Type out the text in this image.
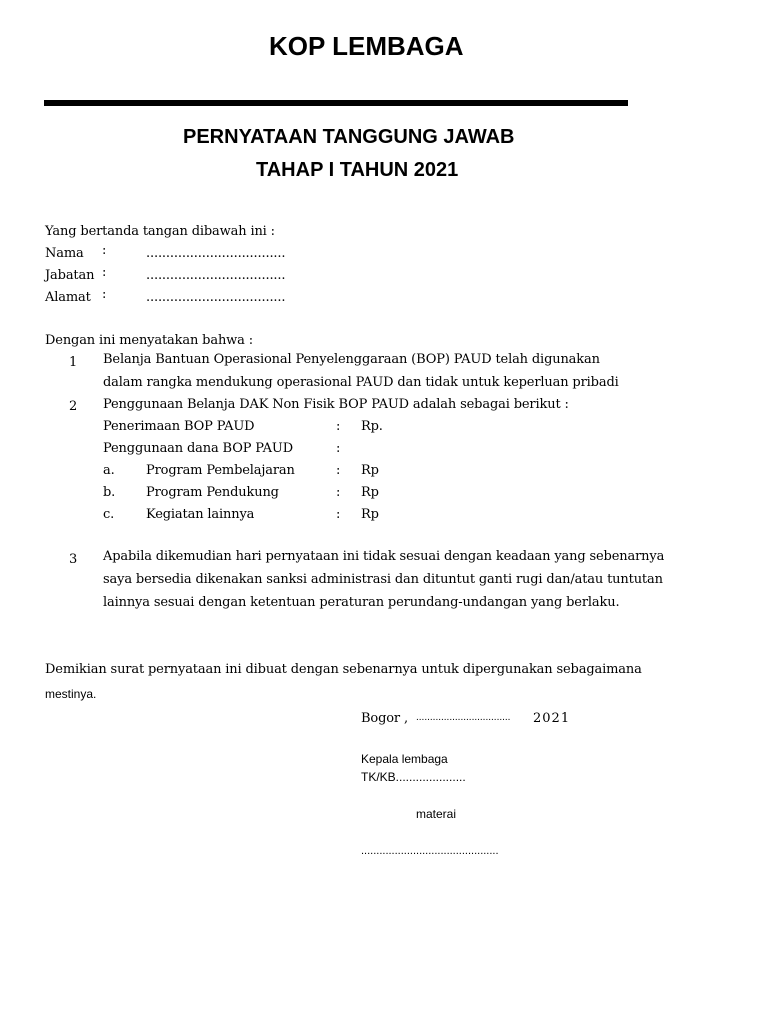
KOP LEMBAGA
PERNYATAAN TANGGUNG JAWAB
TAHAP I TAHUN 2021
Yang bertanda tangan dibawah ini :
Nama :	...................................
Jabatan :	...................................
Alamat :	...................................
Dengan ini menyatakan bahwa :
1 Belanja Bantuan Operasional Penyelenggaraan (BOP) PAUD telah digunakan
dalam rangka mendukung operasional PAUD dan tidak untuk keperluan pribadi
2 Penggunaan Belanja DAK Non Fisik BOP PAUD adalah sebagai berikut :
Penerimaan BOP PAUD	: Rp.
Penggunaan dana BOP PAUD	:
a. Program Pembelajaran	: Rp
b. Program Pendukung	: Rp
c. Kegiatan lainnya	: Rp
3 Apabila dikemudian hari pernyataan ini tidak sesuai dengan keadaan yang sebenarnya
saya bersedia dikenakan sanksi administrasi dan dituntut ganti rugi dan/atau tuntutan
lainnya sesuai dengan ketentuan peraturan perundang-undangan yang berlaku.
Demikian surat pernyataan ini dibuat dengan sebenarnya untuk dipergunakan sebagaimana
mestinya.
Bogor , .................................. 2021
Kepala lembaga
TK/KB.....................
materai
.............................................
